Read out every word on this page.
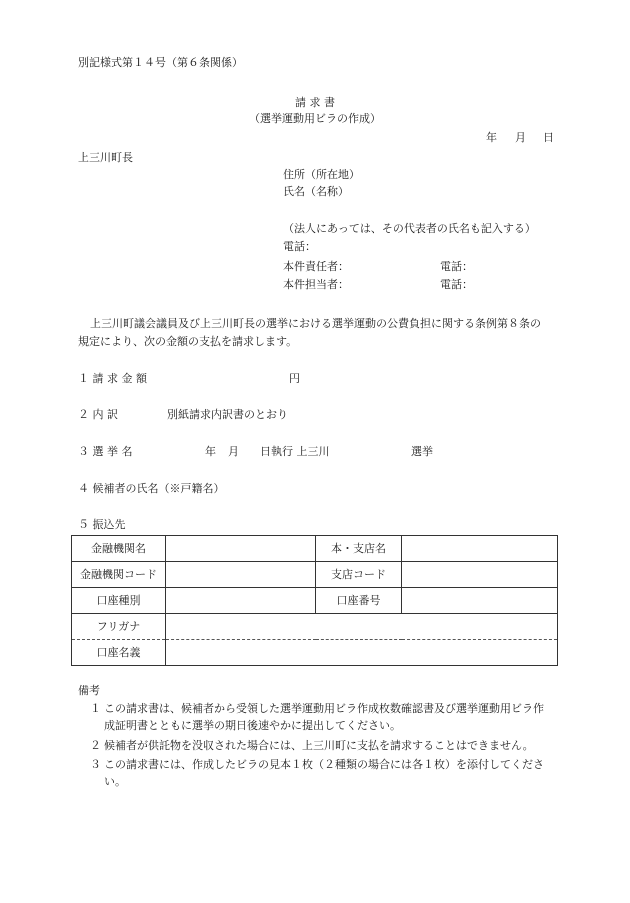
別記様式第１４号（第６条関係）
請 求 書
（選挙運動用ビラの作成）
年 月 日
上三川町長
住所（所在地）
氏名（名称）
（法人にあっては、その代表者の氏名も記入する）
電話：
本件責任者：	電話：
本件担当者：	電話：
上三川町議会議員及び上三川町長の選挙における選挙運動の公費負担に関する条例第８条の
規定により、次の金額の支払を請求します。
１ 請 求 金 額	円
２ 内 訳	別紙請求内訳書のとおり
３ 選 挙 名	年 月 日執行 上三川	選挙
４ 候補者の氏名（※戸籍名）
５ 振込先
金融機関名		本・支店名	
金融機関コード		支店コード	
口座種別		口座番号	
フリガナ			
口座名義			
備考
１ この請求書は、候補者から受領した選挙運動用ビラ作成枚数確認書及び選挙運動用ビラ作成証明書とともに選挙の期日後速やかに提出してください。
２ 候補者が供託物を没収された場合には、上三川町に支払を請求することはできません。
３ この請求書には、作成したビラの見本１枚（２種類の場合には各１枚）を添付してください。
